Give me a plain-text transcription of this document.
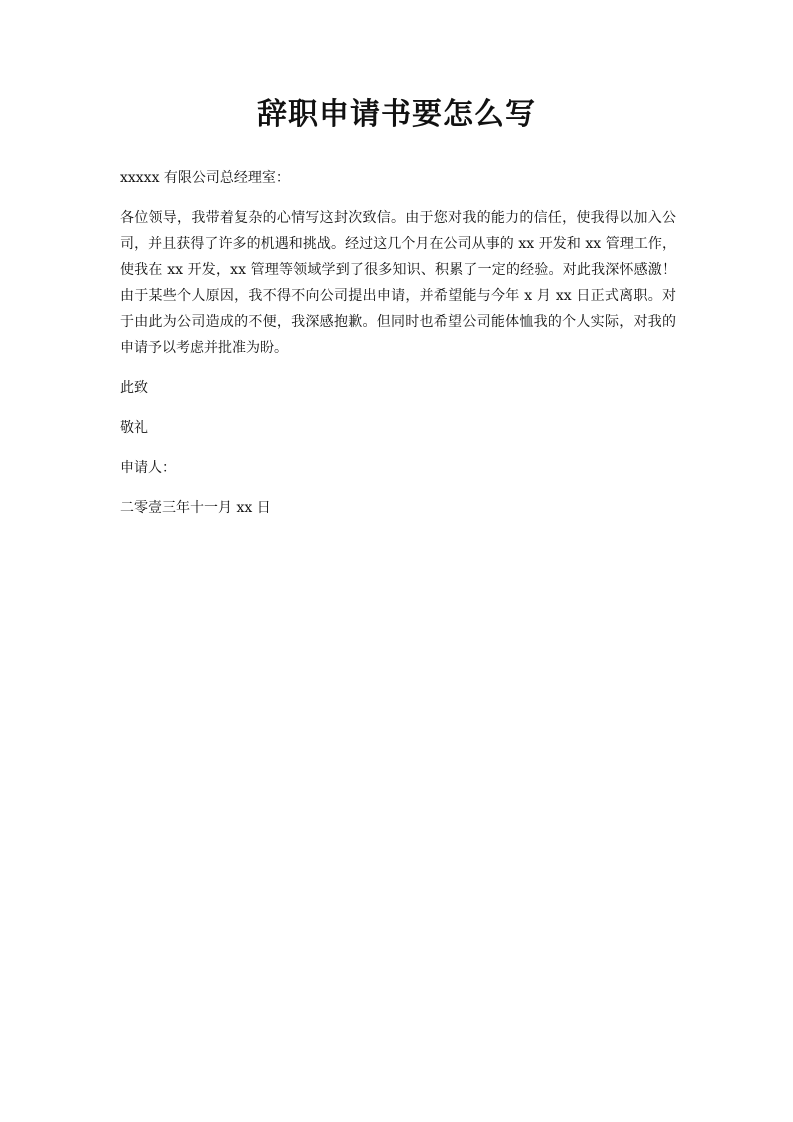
辞职申请书要怎么写

xxxxx 有限公司总经理室：

各位领导，我带着复杂的心情写这封次致信。由于您对我的能力的信任，使我得以加入公司，并且获得了许多的机遇和挑战。经过这几个月在公司从事的 xx 开发和 xx 管理工作，使我在 xx 开发，xx 管理等领域学到了很多知识、积累了一定的经验。对此我深怀感激！由于某些个人原因，我不得不向公司提出申请，并希望能与今年 x 月 xx 日正式离职。对于由此为公司造成的不便，我深感抱歉。但同时也希望公司能体恤我的个人实际，对我的申请予以考虑并批准为盼。

此致

敬礼

申请人：

二零壹三年十一月 xx 日
